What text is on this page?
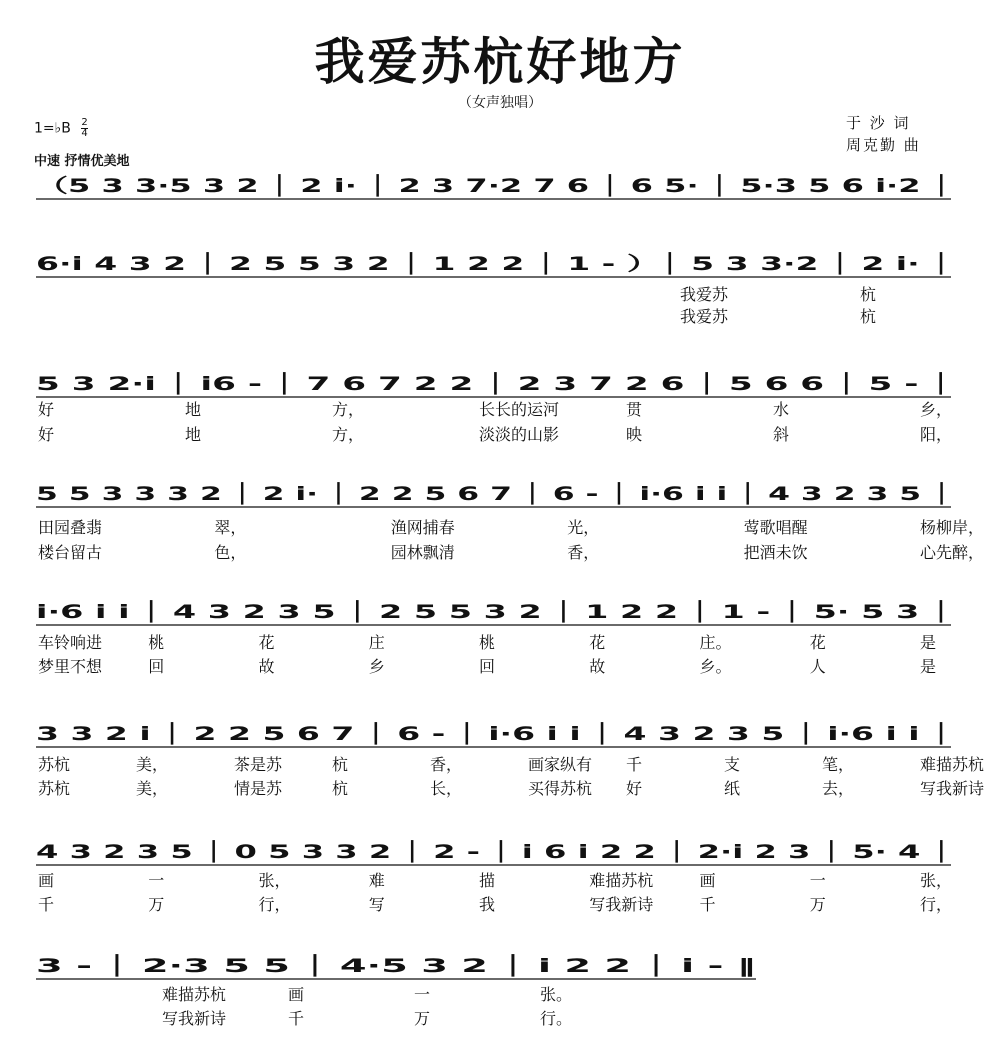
我爱苏杭好地方
（女声独唱）
于 沙 词
周克勤 曲
1=♭B $\frac{2}{4}$
中速 抒情优美地
（5 3 3·5 3 2 │ 2 i· │ 2 3 7·2 7 6 │ 6 5· │ 5·3 5 6 i·2 │
6·i 4 3 2 │ 2 5 5 3 2 │ 1 2 2 │ 1 - ）│ 5 3 3·2 │ 2 i· │
5 3 2·i │ i6 - │ 7 6 7 2 2 │ 2 3 7 2 6 │ 5 6 6 │ 5 - │
5 5 3 3 3 2 │ 2 i· │ 2 2 5 6 7 │ 6 - │ i·6 i i │ 4 3 2 3 5 │
i·6 i i │ 4 3 2 3 5 │ 2 5 5 3 2 │ 1 2 2 │ 1 - │ 5· 5 3 │
3 3 2 i │ 2 2 5 6 7 │ 6 - │ i·6 i i │ 4 3 2 3 5 │ i·6 i i │
4 3 2 3 5 │ 0 5 3 3 2 │ 2 - │ i 6 i 2 2 │ 2·i 2 3 │ 5· 4 │
3 - │ 2·3 5 5 │ 4·5 3 2 │ i 2 2 │ i - ‖
我爱苏	杭
我爱苏	杭
好	地	方，	长长的运河	贯	水	乡，
好	地	方，	淡淡的山影	映	斜	阳，
田园叠翡	翠，	渔网捕春	光，	莺歌唱醒	杨柳岸，
楼台留古	色，	园林飘清	香，	把酒未饮	心先醉，
车铃响进	桃	花	庄	桃	花	庄。	花	是
梦里不想	回	故	乡	回	故	乡。	人	是
苏杭	美，	茶是苏	杭	香，	画家纵有 千	支	笔，	难描苏杭
苏杭	美，	情是苏	杭	长，	买得苏杭 好	纸	去，	写我新诗
画	一	张，	难	描	难描苏杭	画	一	张，
千	万	行，	写	我	写我新诗	千	万	行，
难描苏杭	画	一	张。
写我新诗	千	万	行。
